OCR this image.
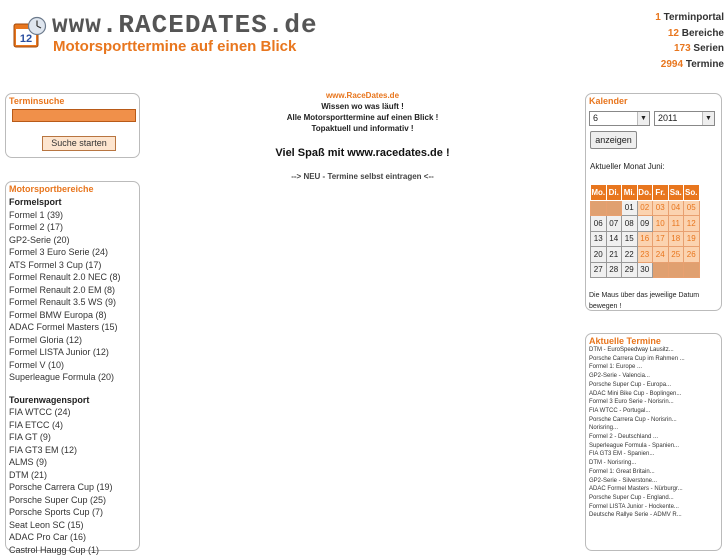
12 www.RACEDATES.de
Motorsporttermine auf einen Blick
1 Terminportal
12 Bereiche
173 Serien
2994 Termine
Terminsuche
Suche starten
Motorsportbereiche
Formelsport
Formel 1 (39)
Formel 2 (17)
GP2-Serie (20)
Formel 3 Euro Serie (24)
ATS Formel 3 Cup (17)
Formel Renault 2.0 NEC (8)
Formel Renault 2.0 EM (8)
Formel Renault 3.5 WS (9)
Formel BMW Europa (8)
ADAC Formel Masters (15)
Formel Gloria (12)
Formel LISTA Junior (12)
Formel V (10)
Superleague Formula (20)
Tourenwagensport
FIA WTCC (24)
FIA ETCC (4)
FIA GT (9)
FIA GT3 EM (12)
ALMS (9)
DTM (21)
Porsche Carrera Cup (19)
Porsche Super Cup (25)
Porsche Sports Cup (7)
Seat Leon SC (15)
ADAC Pro Car (16)
Castrol Haugg Cup (1)
www.RaceDates.de
Wissen wo was läuft !
Alle Motorsporttermine auf einen Blick !
Topaktuell und informativ !
Viel Spaß mit www.racedates.de !
--> NEU - Termine selbst eintragen <--
Kalender
6	▼	2011	▼
anzeigen
Aktueller Monat Juni:
Mo.	Di.	Mi.	Do.	Fr.	Sa.	So.
		01	02	03	04	05
06	07	08	09	10	11	12
13	14	15	16	17	18	19
20	21	22	23	24	25	26
27	28	29	30			
Die Maus über das jeweilige Datum bewegen !
Aktuelle Termine
DTM - EuroSpeedway Lausitz...
Porsche Carrera Cup im Rahmen ...
Formel 1: Europe ...
GP2-Serie - Valencia...
Porsche Super Cup - Europa...
ADAC Mini Bike Cup - Boplingen...
Formel 3 Euro Serie - Norisrin...
FIA WTCC - Portugal...
Porsche Carrera Cup - Norisrin...
Norisring...
Formel 2 - Deutschland ...
Superleague Formula - Spanien...
FIA GT3 EM - Spanien...
DTM - Norisring...
Formel 1: Great Britain...
GP2-Serie - Silverstone...
ADAC Formel Masters - Nürburgr...
Porsche Super Cup - England...
Formel LISTA Junior - Hockente...
Deutsche Rallye Serie - ADMV R...
